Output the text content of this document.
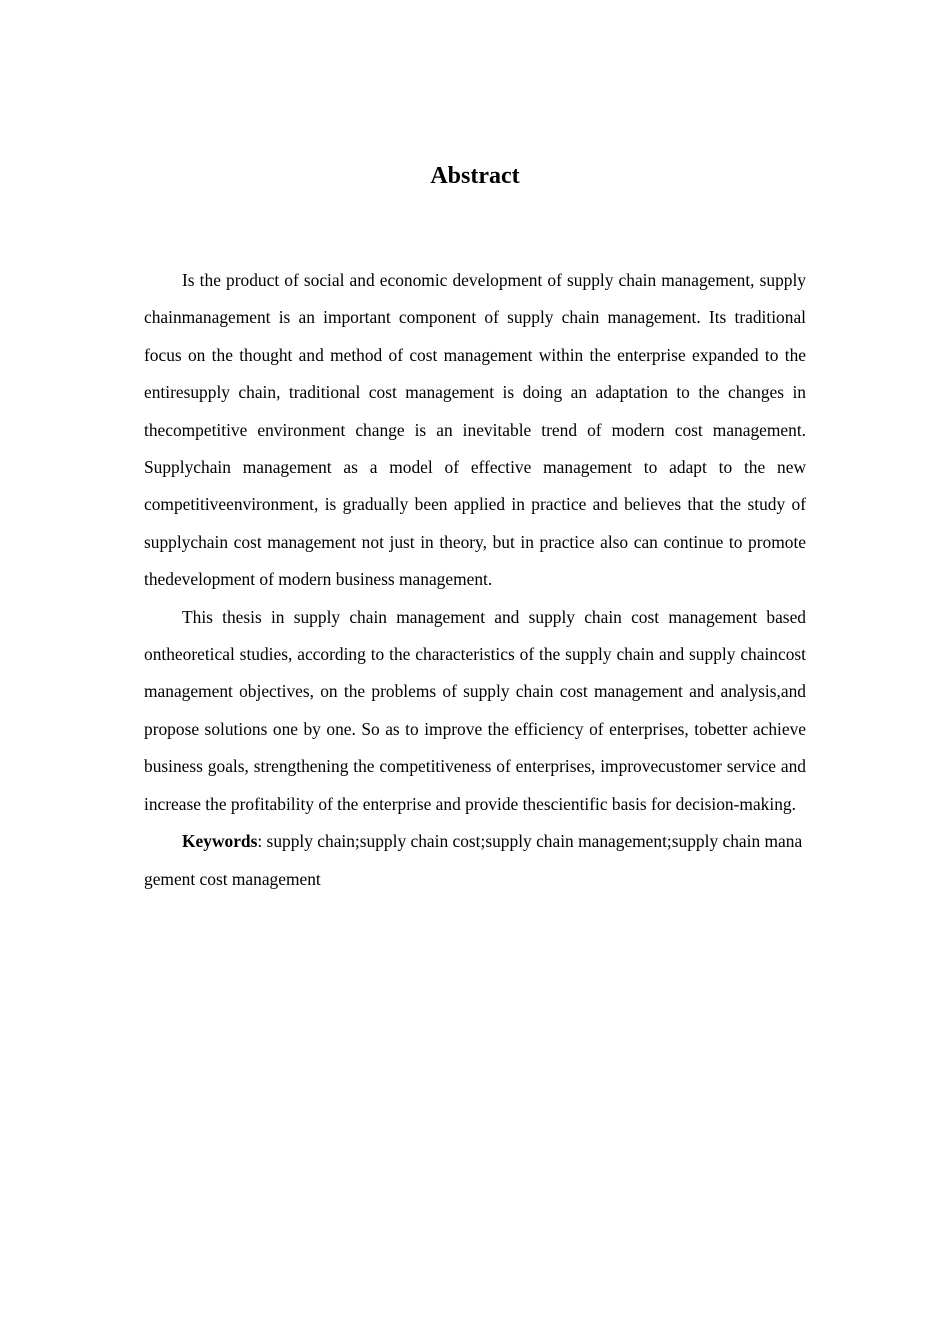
Abstract

Is the product of social and economic development of supply chain management, supply chainmanagement is an important component of supply chain management. Its traditional focus on the thought and method of cost management within the enterprise expanded to the entiresupply chain, traditional cost management is doing an adaptation to the changes in thecompetitive environment change is an inevitable trend of modern cost management. Supplychain management as a model of effective management to adapt to the new competitiveenvironment, is gradually been applied in practice and believes that the study of supplychain cost management not just in theory, but in practice also can continue to promote thedevelopment of modern business management.

This thesis in supply chain management and supply chain cost management based ontheoretical studies, according to the characteristics of the supply chain and supply chaincost management objectives, on the problems of supply chain cost management and analysis,and propose solutions one by one. So as to improve the efficiency of enterprises, tobetter achieve business goals, strengthening the competitiveness of enterprises, improvecustomer service and increase the profitability of the enterprise and provide thescientific basis for decision-making.

Keywords: supply chain;supply chain cost;supply chain management;supply chain management cost management
